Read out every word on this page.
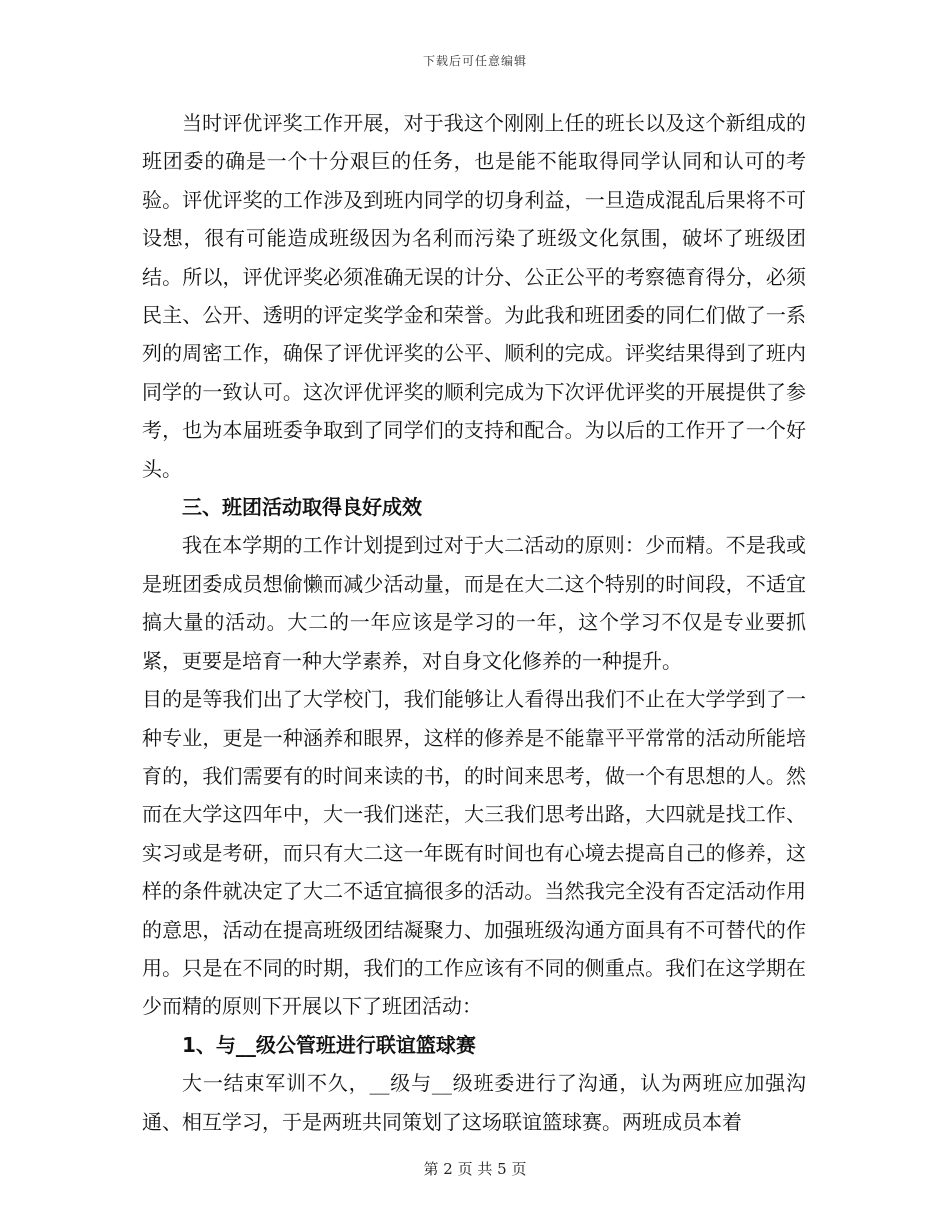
下载后可任意编辑

当时评优评奖工作开展，对于我这个刚刚上任的班长以及这个新组成的班团委的确是一个十分艰巨的任务，也是能不能取得同学认同和认可的考验。评优评奖的工作涉及到班内同学的切身利益，一旦造成混乱后果将不可设想，很有可能造成班级因为名利而污染了班级文化氛围，破坏了班级团结。所以，评优评奖必须准确无误的计分、公正公平的考察德育得分，必须民主、公开、透明的评定奖学金和荣誉。为此我和班团委的同仁们做了一系列的周密工作，确保了评优评奖的公平、顺利的完成。评奖结果得到了班内同学的一致认可。这次评优评奖的顺利完成为下次评优评奖的开展提供了参考，也为本届班委争取到了同学们的支持和配合。为以后的工作开了一个好头。

三、班团活动取得良好成效

我在本学期的工作计划提到过对于大二活动的原则：少而精。不是我或是班团委成员想偷懒而减少活动量，而是在大二这个特别的时间段，不适宜搞大量的活动。大二的一年应该是学习的一年，这个学习不仅是专业要抓紧，更要是培育一种大学素养，对自身文化修养的一种提升。

目的是等我们出了大学校门，我们能够让人看得出我们不止在大学学到了一种专业，更是一种涵养和眼界，这样的修养是不能靠平平常常的活动所能培育的，我们需要有的时间来读的书，的时间来思考，做一个有思想的人。然而在大学这四年中，大一我们迷茫，大三我们思考出路，大四就是找工作、实习或是考研，而只有大二这一年既有时间也有心境去提高自己的修养，这样的条件就决定了大二不适宜搞很多的活动。当然我完全没有否定活动作用的意思，活动在提高班级团结凝聚力、加强班级沟通方面具有不可替代的作用。只是在不同的时期，我们的工作应该有不同的侧重点。我们在这学期在少而精的原则下开展以下了班团活动：

1、与__级公管班进行联谊篮球赛

大一结束军训不久，__级与__级班委进行了沟通，认为两班应加强沟通、相互学习，于是两班共同策划了这场联谊篮球赛。两班成员本着

第 2 页 共 5 页
